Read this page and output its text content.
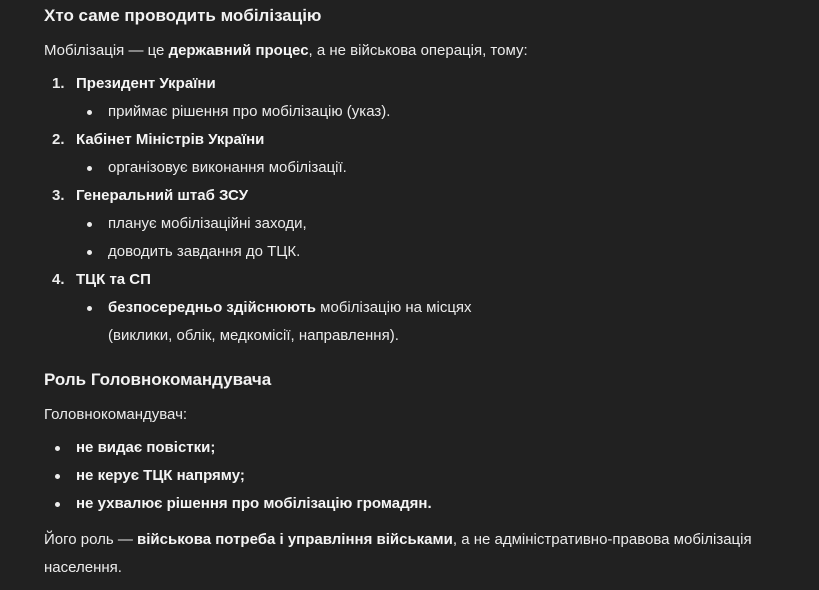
Хто саме проводить мобілізацію

Мобілізація — це державний процес, а не військова операція, тому:

1. Президент України
приймає рішення про мобілізацію (указ).
2. Кабінет Міністрів України
організовує виконання мобілізації.
3. Генеральний штаб ЗСУ
планує мобілізаційні заходи,
доводить завдання до ТЦК.
4. ТЦК та СП
безпосередньо здійснюють мобілізацію на місцях
(виклики, облік, медкомісії, направлення).
Роль Головнокомандувача

Головнокомандувач:

не видає повістки;
не керує ТЦК напряму;
не ухвалює рішення про мобілізацію громадян.

Його роль — військова потреба і управління військами, а не адміністративно-правова мобілізація
населення.
